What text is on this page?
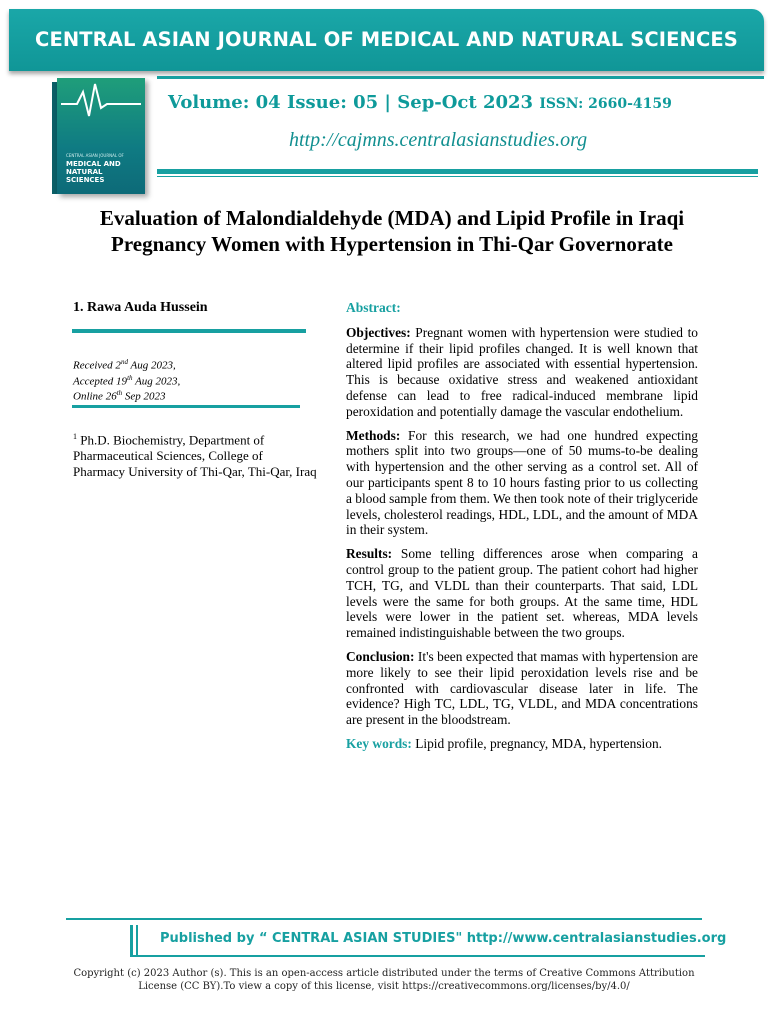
CENTRAL ASIAN JOURNAL OF MEDICAL AND NATURAL SCIENCES
CENTRAL ASIAN JOURNAL OF
MEDICAL AND NATURAL SCIENCES
Volume: 04 Issue: 05 | Sep-Oct 2023 ISSN: 2660-4159
http://cajmns.centralasianstudies.org
Evaluation of Malondialdehyde (MDA) and Lipid Profile in Iraqi Pregnancy Women with Hypertension in Thi-Qar Governorate
1. Rawa Auda Hussein
Received 2nd Aug 2023,
Accepted 19th Aug 2023,
Online 26th Sep 2023
$^1$ Ph.D. Biochemistry, Department of Pharmaceutical Sciences, College of Pharmacy University of Thi-Qar, Thi-Qar, Iraq
Abstract:

Objectives: Pregnant women with hypertension were studied to determine if their lipid profiles changed. It is well known that altered lipid profiles are associated with essential hypertension. This is because oxidative stress and weakened antioxidant defense can lead to free radical-induced membrane lipid peroxidation and potentially damage the vascular endothelium.

Methods: For this research, we had one hundred expecting mothers split into two groups—one of 50 mums-to-be dealing with hypertension and the other serving as a control set. All of our participants spent 8 to 10 hours fasting prior to us collecting a blood sample from them. We then took note of their triglyceride levels, cholesterol readings, HDL, LDL, and the amount of MDA in their system.

Results: Some telling differences arose when comparing a control group to the patient group. The patient cohort had higher TCH, TG, and VLDL than their counterparts. That said, LDL levels were the same for both groups. At the same time, HDL levels were lower in the patient set. whereas, MDA levels remained indistinguishable between the two groups.

Conclusion: It's been expected that mamas with hypertension are more likely to see their lipid peroxidation levels rise and be confronted with cardiovascular disease later in life. The evidence? High TC, LDL, TG, VLDL, and MDA concentrations are present in the bloodstream.

Key words: Lipid profile, pregnancy, MDA, hypertension.

Published by “ CENTRAL ASIAN STUDIES" http://www.centralasianstudies.org
Copyright (c) 2023 Author (s). This is an open-access article distributed under the terms of Creative Commons Attribution License (CC BY).To view a copy of this license, visit https://creativecommons.org/licenses/by/4.0/
